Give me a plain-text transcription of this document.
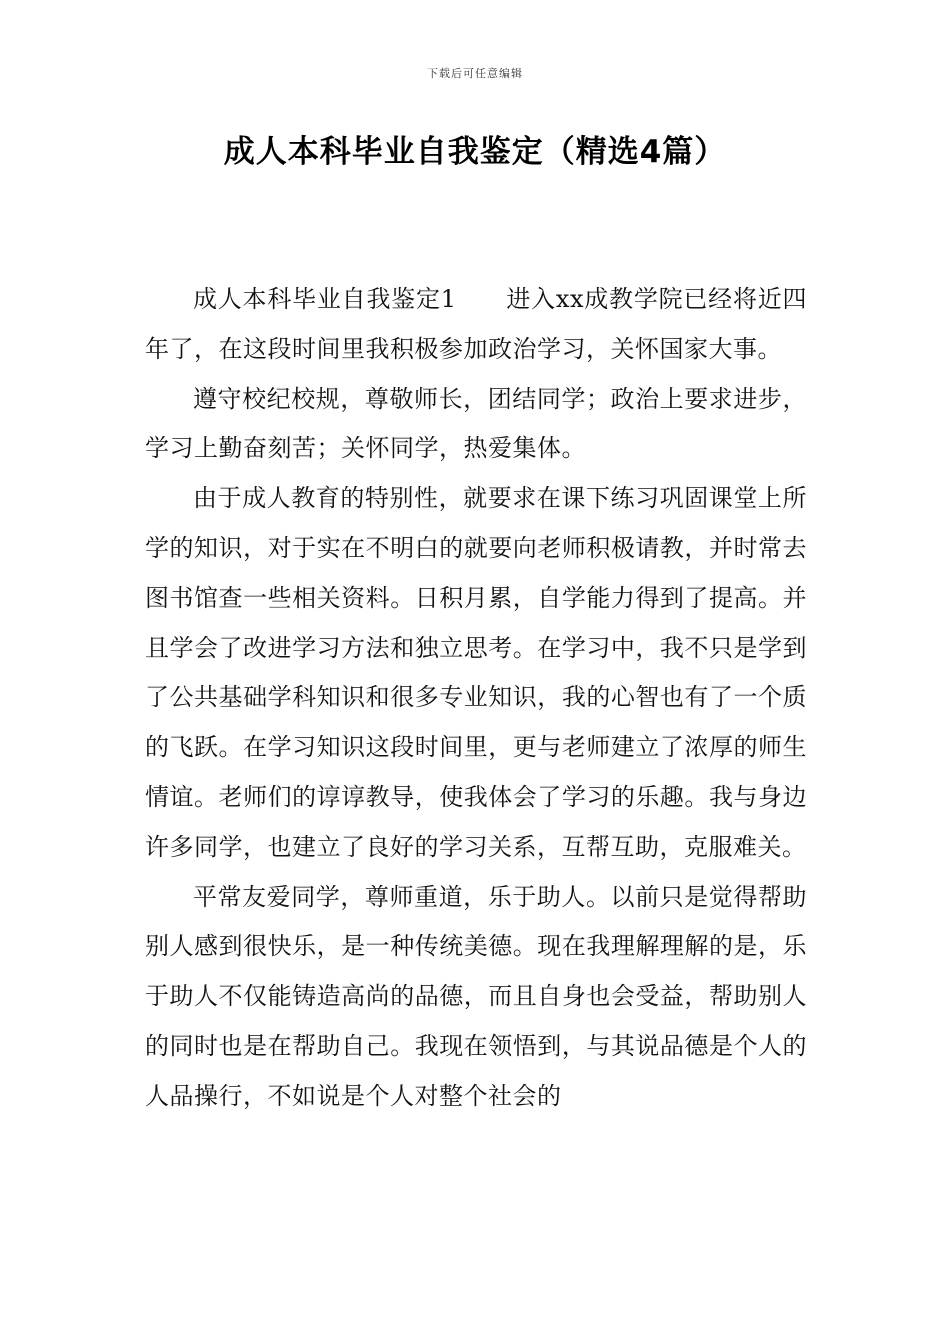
下载后可任意编辑
成人本科毕业自我鉴定（精选4篇）

成人本科毕业自我鉴定1　　进入xx成教学院已经将近四年了，在这段时间里我积极参加政治学习，关怀国家大事。

遵守校纪校规，尊敬师长，团结同学；政治上要求进步，学习上勤奋刻苦；关怀同学，热爱集体。

由于成人教育的特别性，就要求在课下练习巩固课堂上所学的知识，对于实在不明白的就要向老师积极请教，并时常去图书馆查一些相关资料。日积月累，自学能力得到了提高。并且学会了改进学习方法和独立思考。在学习中，我不只是学到了公共基础学科知识和很多专业知识，我的心智也有了一个质的飞跃。在学习知识这段时间里，更与老师建立了浓厚的师生情谊。老师们的谆谆教导，使我体会了学习的乐趣。我与身边许多同学，也建立了良好的学习关系，互帮互助，克服难关。

平常友爱同学，尊师重道，乐于助人。以前只是觉得帮助别人感到很快乐，是一种传统美德。现在我理解理解的是，乐于助人不仅能铸造高尚的品德，而且自身也会受益，帮助别人的同时也是在帮助自己。我现在领悟到，与其说品德是个人的人品操行，不如说是个人对整个社会的
